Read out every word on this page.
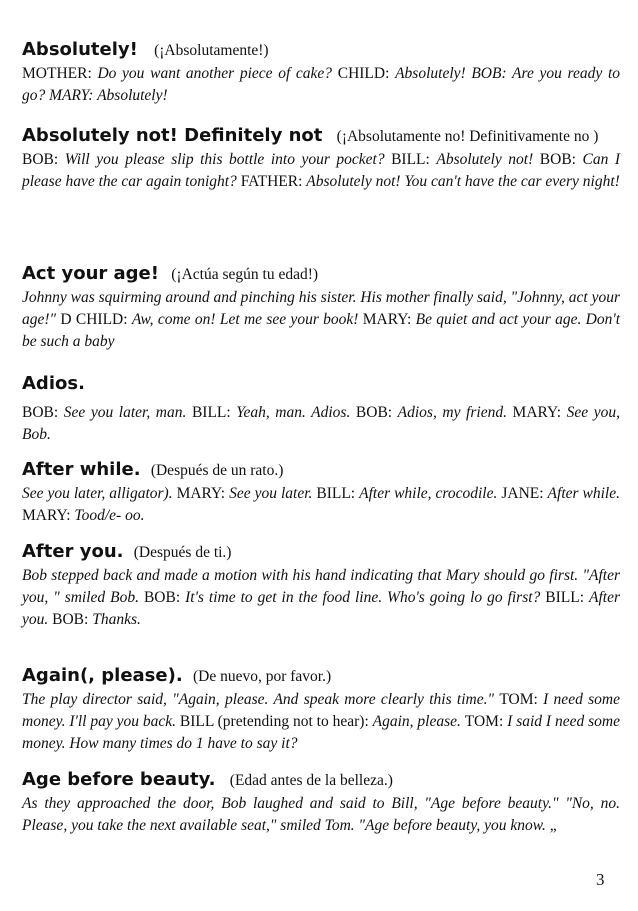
Absolutely! (¡Absolutamente!)

MOTHER: Do you want another piece of cake? CHILD: Absolutely! BOB: Are you ready to go? MARY: Absolutely!

Absolutely not! Definitely not (¡Absolutamente no! Definitivamente no )

BOB: Will you please slip this bottle into your pocket? BILL: Absolutely not! BOB: Can I please have the car again tonight? FATHER: Absolutely not! You can't have the car every night!

Act your age! (¡Actúa según tu edad!)

Johnny was squirming around and pinching his sister. His mother finally said, "Johnny, act your age!" D CHILD: Aw, come on! Let me see your book! MARY: Be quiet and act your age. Don't be such a baby

Adios.

BOB: See you later, man. BILL: Yeah, man. Adios. BOB: Adios, my friend. MARY: See you, Bob.

After while. (Después de un rato.)

See you later, alligator). MARY: See you later. BILL: After while, crocodile. JANE: After while. MARY: Tood/e- oo.

After you. (Después de ti.)

Bob stepped back and made a motion with his hand indicating that Mary should go first. "After you, " smiled Bob. BOB: It's time to get in the food line. Who's going lo go first? BILL: After you. BOB: Thanks.

Again(, please). (De nuevo, por favor.)

The play director said, "Again, please. And speak more clearly this time." TOM: I need some money. I'll pay you back. BILL (pretending not to hear): Again, please. TOM: I said I need some money. How many times do 1 have to say it?

Age before beauty. (Edad antes de la belleza.)

As they approached the door, Bob laughed and said to Bill, "Age before beauty." "No, no. Please, you take the next available seat," smiled Tom. "Age before beauty, you know. „

3
